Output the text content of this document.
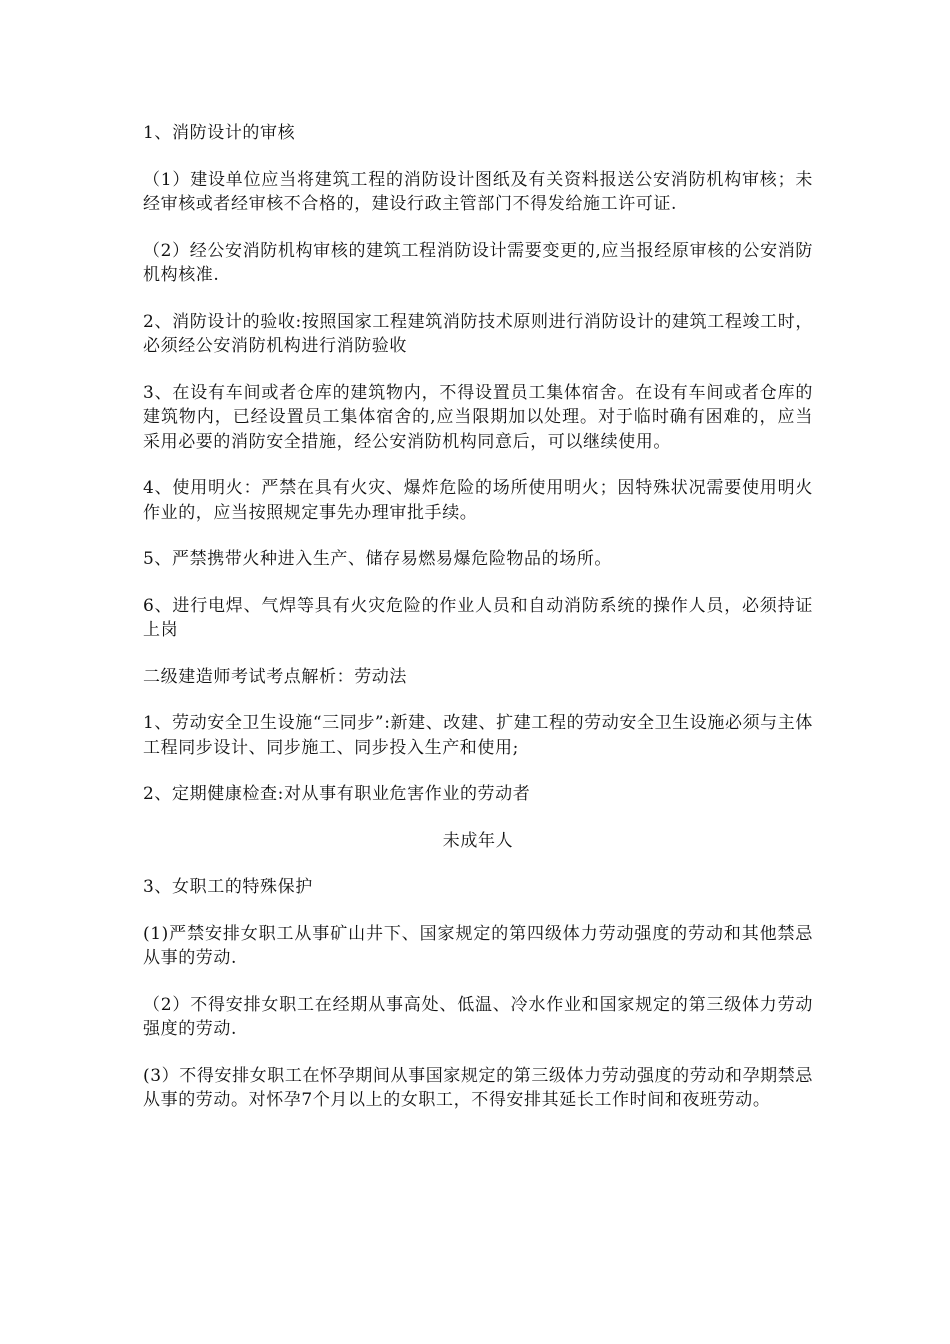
1、消防设计的审核

（1）建设单位应当将建筑工程的消防设计图纸及有关资料报送公安消防机构审核；未经审核或者经审核不合格的，建设行政主管部门不得发给施工许可证.

（2）经公安消防机构审核的建筑工程消防设计需要变更的,应当报经原审核的公安消防机构核准.

2、消防设计的验收:按照国家工程建筑消防技术原则进行消防设计的建筑工程竣工时，必须经公安消防机构进行消防验收

3、在设有车间或者仓库的建筑物内，不得设置员工集体宿舍。在设有车间或者仓库的建筑物内，已经设置员工集体宿舍的,应当限期加以处理。对于临时确有困难的，应当采用必要的消防安全措施，经公安消防机构同意后，可以继续使用。

4、使用明火：严禁在具有火灾、爆炸危险的场所使用明火；因特殊状况需要使用明火作业的，应当按照规定事先办理审批手续。

5、严禁携带火种进入生产、储存易燃易爆危险物品的场所。

6、进行电焊、气焊等具有火灾危险的作业人员和自动消防系统的操作人员，必须持证上岗

二级建造师考试考点解析：劳动法

1、劳动安全卫生设施“三同步”:新建、改建、扩建工程的劳动安全卫生设施必须与主体工程同步设计、同步施工、同步投入生产和使用;

2、定期健康检查:对从事有职业危害作业的劳动者

未成年人

3、女职工的特殊保护

(1)严禁安排女职工从事矿山井下、国家规定的第四级体力劳动强度的劳动和其他禁忌从事的劳动.

（2）不得安排女职工在经期从事高处、低温、冷水作业和国家规定的第三级体力劳动强度的劳动.

(3）不得安排女职工在怀孕期间从事国家规定的第三级体力劳动强度的劳动和孕期禁忌从事的劳动。对怀孕7个月以上的女职工，不得安排其延长工作时间和夜班劳动。
